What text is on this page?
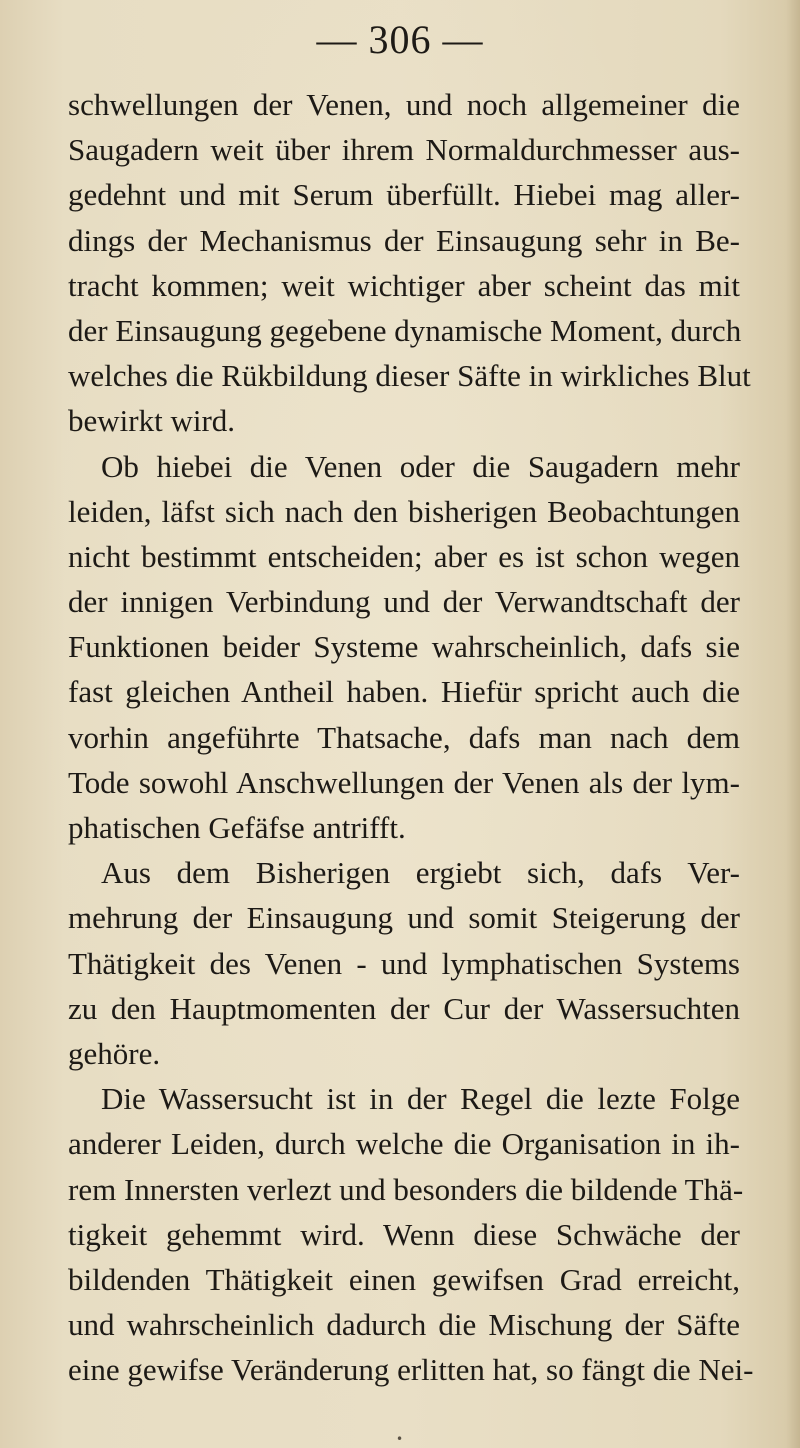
— 306 —
schwellungen der Venen, und noch allgemeiner die
Saugadern weit über ihrem Normaldurchmesser aus-
gedehnt und mit Serum überfüllt. Hiebei mag aller-
dings der Mechanismus der Einsaugung sehr in Be-
tracht kommen; weit wichtiger aber scheint das mit
der Einsaugung gegebene dynamische Moment, durch
welches die Rükbildung dieser Säfte in wirkliches Blut
bewirkt wird.
Ob hiebei die Venen oder die Saugadern mehr
leiden, läfst sich nach den bisherigen Beobachtungen
nicht bestimmt entscheiden; aber es ist schon wegen
der innigen Verbindung und der Verwandtschaft der
Funktionen beider Systeme wahrscheinlich, dafs sie
fast gleichen Antheil haben. Hiefür spricht auch die
vorhin angeführte Thatsache, dafs man nach dem
Tode sowohl Anschwellungen der Venen als der lym-
phatischen Gefäfse antrifft.
Aus dem Bisherigen ergiebt sich, dafs Ver-
mehrung der Einsaugung und somit Steigerung der
Thätigkeit des Venen - und lymphatischen Systems
zu den Hauptmomenten der Cur der Wassersuchten
gehöre.
Die Wassersucht ist in der Regel die lezte Folge
anderer Leiden, durch welche die Organisation in ih-
rem Innersten verlezt und besonders die bildende Thä-
tigkeit gehemmt wird. Wenn diese Schwäche der
bildenden Thätigkeit einen gewifsen Grad erreicht,
und wahrscheinlich dadurch die Mischung der Säfte
eine gewifse Veränderung erlitten hat, so fängt die Nei-
•
